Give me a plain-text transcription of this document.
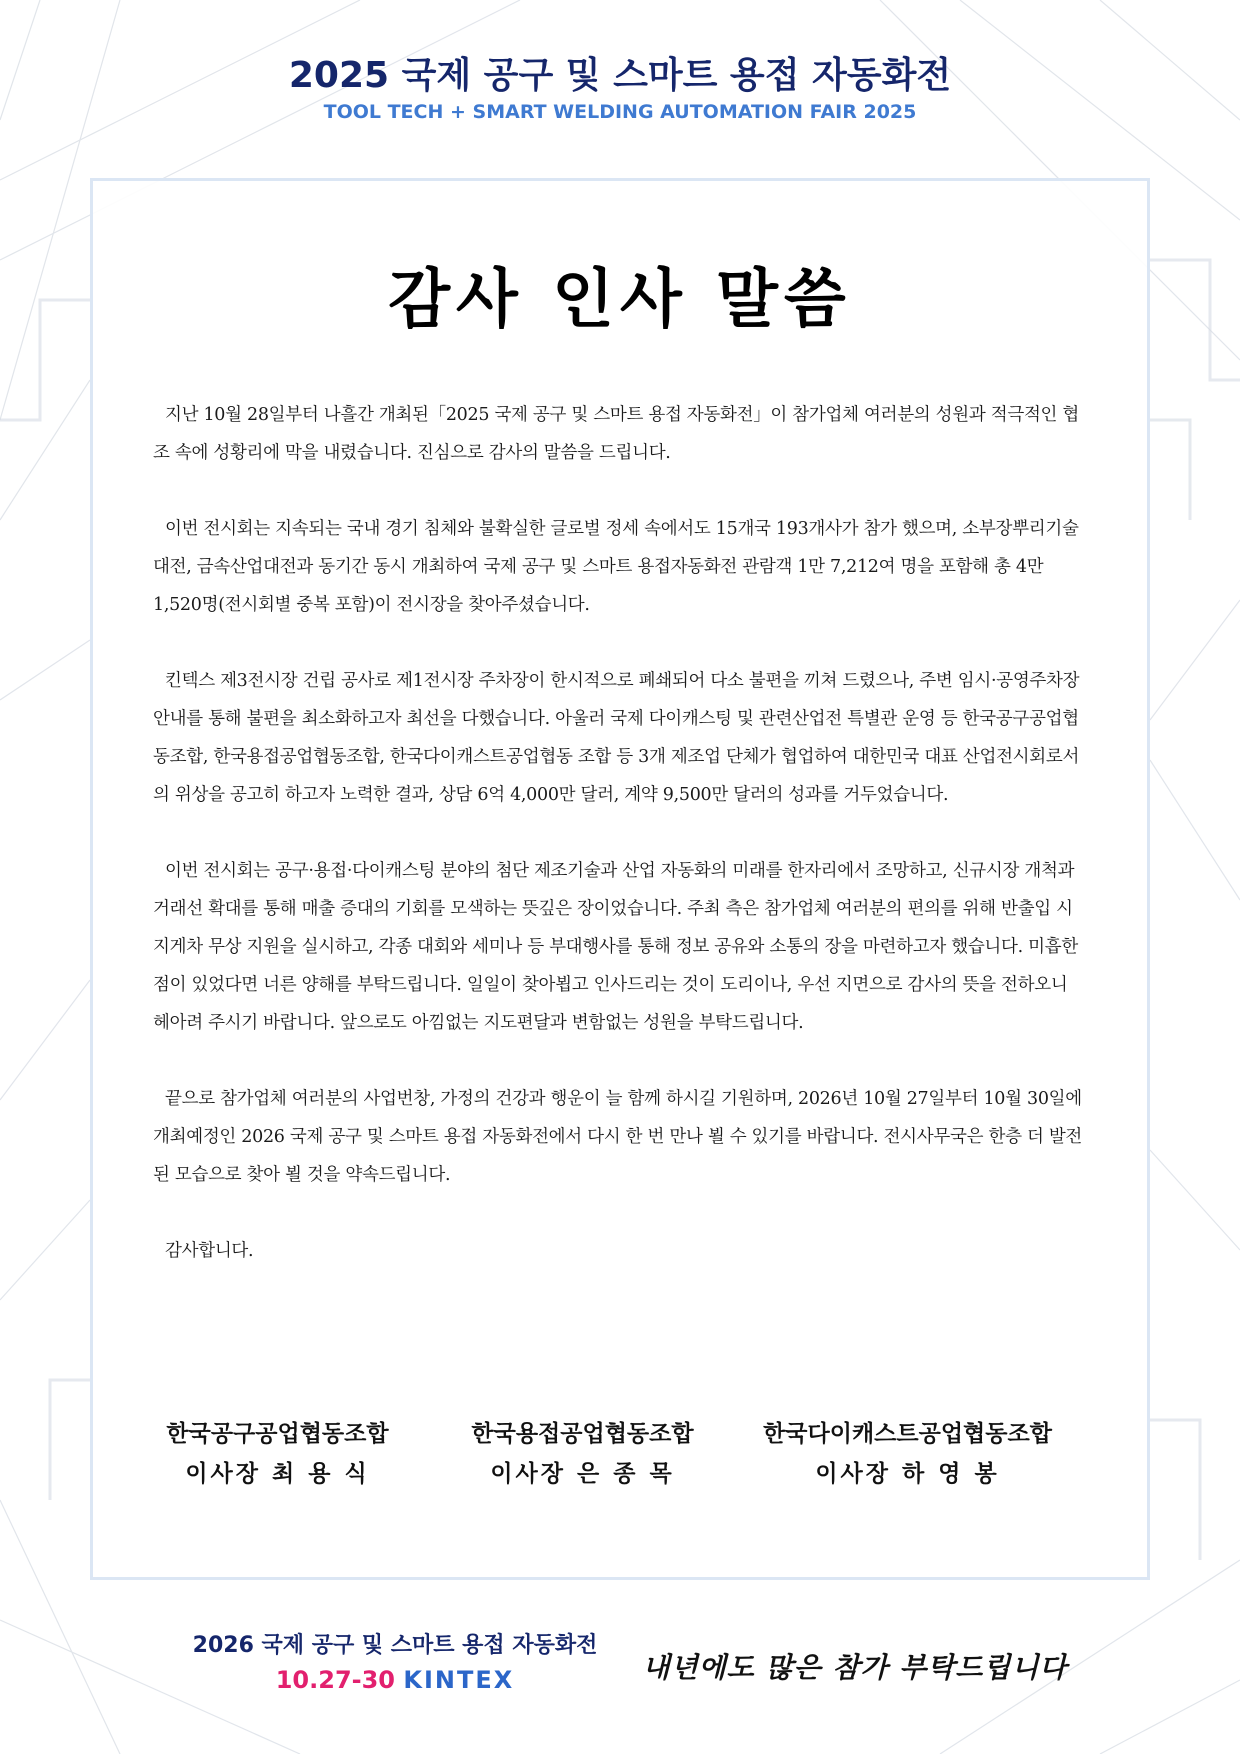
2025 국제 공구 및 스마트 용접 자동화전
TOOL TECH + SMART WELDING AUTOMATION FAIR 2025
감사 인사 말씀

지난 10월 28일부터 나흘간 개최된「2025 국제 공구 및 스마트 용접 자동화전」이 참가업체 여러분의 성원과 적극적인 협조 속에 성황리에 막을 내렸습니다. 진심으로 감사의 말씀을 드립니다.

이번 전시회는 지속되는 국내 경기 침체와 불확실한 글로벌 정세 속에서도 15개국 193개사가 참가 했으며, 소부장뿌리기술대전, 금속산업대전과 동기간 동시 개최하여 국제 공구 및 스마트 용접자동화전 관람객 1만 7,212여 명을 포함해 총 4만 1,520명(전시회별 중복 포함)이 전시장을 찾아주셨습니다.

킨텍스 제3전시장 건립 공사로 제1전시장 주차장이 한시적으로 폐쇄되어 다소 불편을 끼쳐 드렸으나, 주변 임시·공영주차장 안내를 통해 불편을 최소화하고자 최선을 다했습니다. 아울러 국제 다이캐스팅 및 관련산업전 특별관 운영 등 한국공구공업협동조합, 한국용접공업협동조합, 한국다이캐스트공업협동 조합 등 3개 제조업 단체가 협업하여 대한민국 대표 산업전시회로서의 위상을 공고히 하고자 노력한 결과, 상담 6억 4,000만 달러, 계약 9,500만 달러의 성과를 거두었습니다.

이번 전시회는 공구·용접·다이캐스팅 분야의 첨단 제조기술과 산업 자동화의 미래를 한자리에서 조망하고, 신규시장 개척과 거래선 확대를 통해 매출 증대의 기회를 모색하는 뜻깊은 장이었습니다. 주최 측은 참가업체 여러분의 편의를 위해 반출입 시 지게차 무상 지원을 실시하고, 각종 대회와 세미나 등 부대행사를 통해 정보 공유와 소통의 장을 마련하고자 했습니다. 미흡한 점이 있었다면 너른 양해를 부탁드립니다. 일일이 찾아뵙고 인사드리는 것이 도리이나, 우선 지면으로 감사의 뜻을 전하오니 헤아려 주시기 바랍니다. 앞으로도 아낌없는 지도편달과 변함없는 성원을 부탁드립니다.

끝으로 참가업체 여러분의 사업번창, 가정의 건강과 행운이 늘 함께 하시길 기원하며, 2026년 10월 27일부터 10월 30일에 개최예정인 2026 국제 공구 및 스마트 용접 자동화전에서 다시 한 번 만나 뵐 수 있기를 바랍니다. 전시사무국은 한층 더 발전된 모습으로 찾아 뵐 것을 약속드립니다.

감사합니다.

한국공구공업협동조합
이사장 최 용 식
한국용접공업협동조합
이사장 은 종 목
한국다이캐스트공업협동조합
이사장 하 영 봉
2026 국제 공구 및 스마트 용접 자동화전
10.27-30 KINTEX	내년에도 많은 참가 부탁드립니다
